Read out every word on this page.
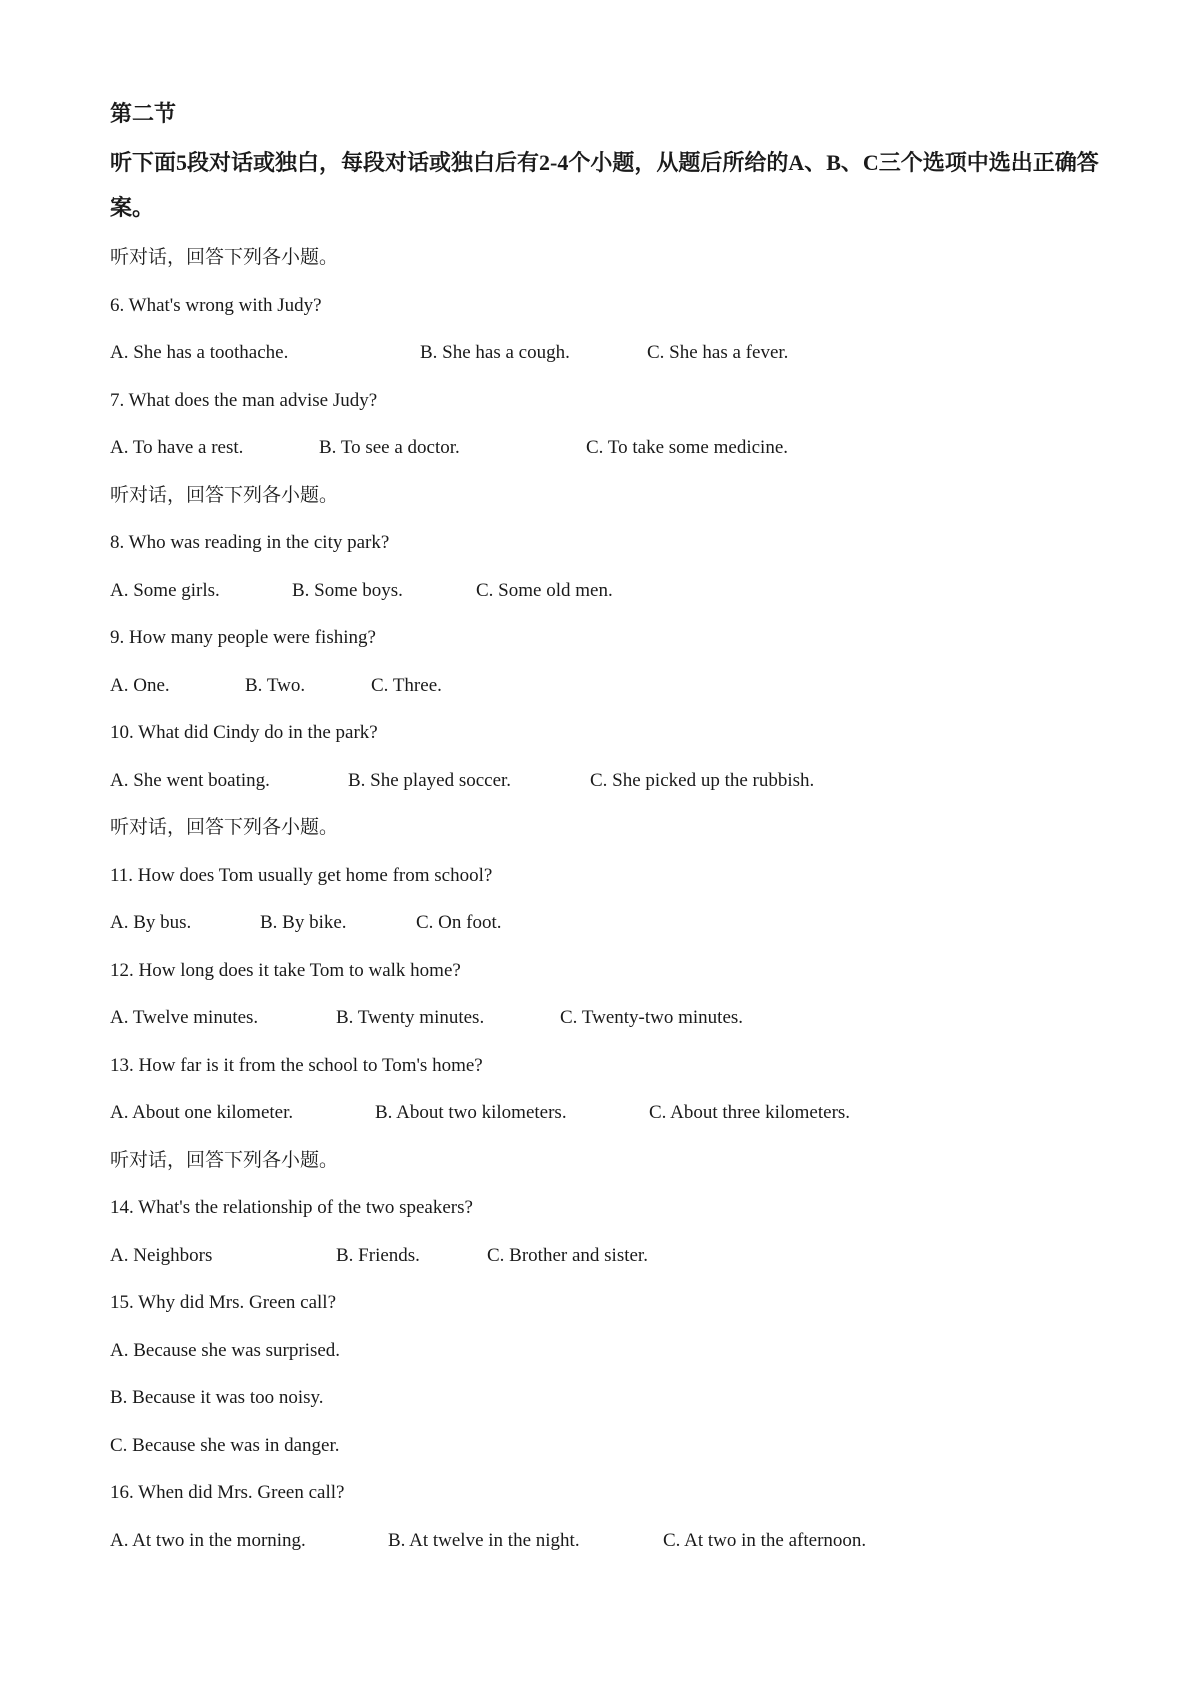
第二节
听下面5段对话或独白，每段对话或独白后有2-4个小题，从题后所给的A、B、C三个选项中选出正确答案。
听对话，回答下列各小题。
6. What's wrong with Judy?
A. She has a toothache.	B. She has a cough.	C. She has a fever.
7. What does the man advise Judy?
A. To have a rest.	B. To see a doctor.	C. To take some medicine.
听对话，回答下列各小题。
8. Who was reading in the city park?
A. Some girls.	B. Some boys.	C. Some old men.
9. How many people were fishing?
A. One.	B. Two.	C. Three.
10. What did Cindy do in the park?
A. She went boating.	B. She played soccer.	C. She picked up the rubbish.
听对话，回答下列各小题。
11. How does Tom usually get home from school?
A. By bus.	B. By bike.	C. On foot.
12. How long does it take Tom to walk home?
A. Twelve minutes.	B. Twenty minutes.	C. Twenty-two minutes.
13. How far is it from the school to Tom's home?
A. About one kilometer.	B. About two kilometers.	C. About three kilometers.
听对话，回答下列各小题。
14. What's the relationship of the two speakers?
A. Neighbors	B. Friends.	C. Brother and sister.
15. Why did Mrs. Green call?
A. Because she was surprised.
B. Because it was too noisy.
C. Because she was in danger.
16. When did Mrs. Green call?
A. At two in the morning.	B. At twelve in the night.	C. At two in the afternoon.
